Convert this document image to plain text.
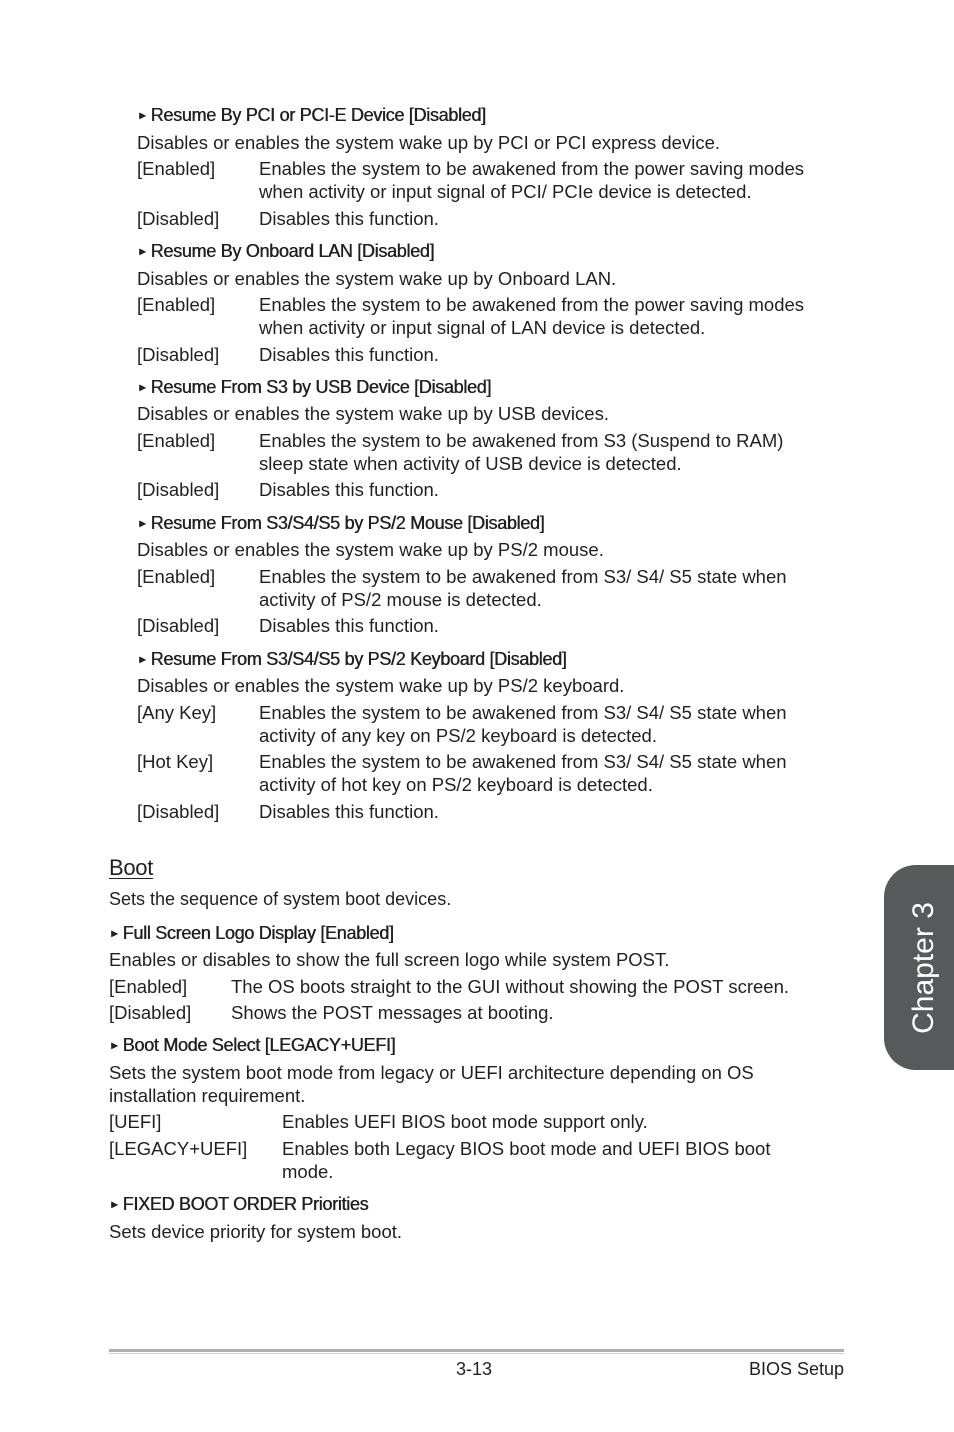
► Resume By PCI or PCI-E Device [Disabled]
Disables or enables the system wake up by PCI or PCI express device.
[Enabled] Enables the system to be awakened from the power saving modes
when activity or input signal of PCI/ PCIe device is detected.
[Disabled] Disables this function.
► Resume By Onboard LAN [Disabled]
Disables or enables the system wake up by Onboard LAN.
[Enabled] Enables the system to be awakened from the power saving modes
when activity or input signal of LAN device is detected.
[Disabled] Disables this function.
► Resume From S3 by USB Device [Disabled]
Disables or enables the system wake up by USB devices.
[Enabled] Enables the system to be awakened from S3 (Suspend to RAM)
sleep state when activity of USB device is detected.
[Disabled] Disables this function.
► Resume From S3/S4/S5 by PS/2 Mouse [Disabled]
Disables or enables the system wake up by PS/2 mouse.
[Enabled] Enables the system to be awakened from S3/ S4/ S5 state when
activity of PS/2 mouse is detected.
[Disabled] Disables this function.
► Resume From S3/S4/S5 by PS/2 Keyboard [Disabled]
Disables or enables the system wake up by PS/2 keyboard.
[Any Key] Enables the system to be awakened from S3/ S4/ S5 state when
activity of any key on PS/2 keyboard is detected.
[Hot Key] Enables the system to be awakened from S3/ S4/ S5 state when
activity of hot key on PS/2 keyboard is detected.
[Disabled] Disables this function.
Boot
Sets the sequence of system boot devices.
► Full Screen Logo Display [Enabled]
Enables or disables to show the full screen logo while system POST.
[Enabled] The OS boots straight to the GUI without showing the POST screen.
[Disabled] Shows the POST messages at booting.
► Boot Mode Select [LEGACY+UEFI]
Sets the system boot mode from legacy or UEFI architecture depending on OS
installation requirement.
[UEFI]	Enables UEFI BIOS boot mode support only.
[LEGACY+UEFI] Enables both Legacy BIOS boot mode and UEFI BIOS boot
mode.
► FIXED BOOT ORDER Priorities
Sets device priority for system boot.
3-13	BIOS Setup
Chapter 3
